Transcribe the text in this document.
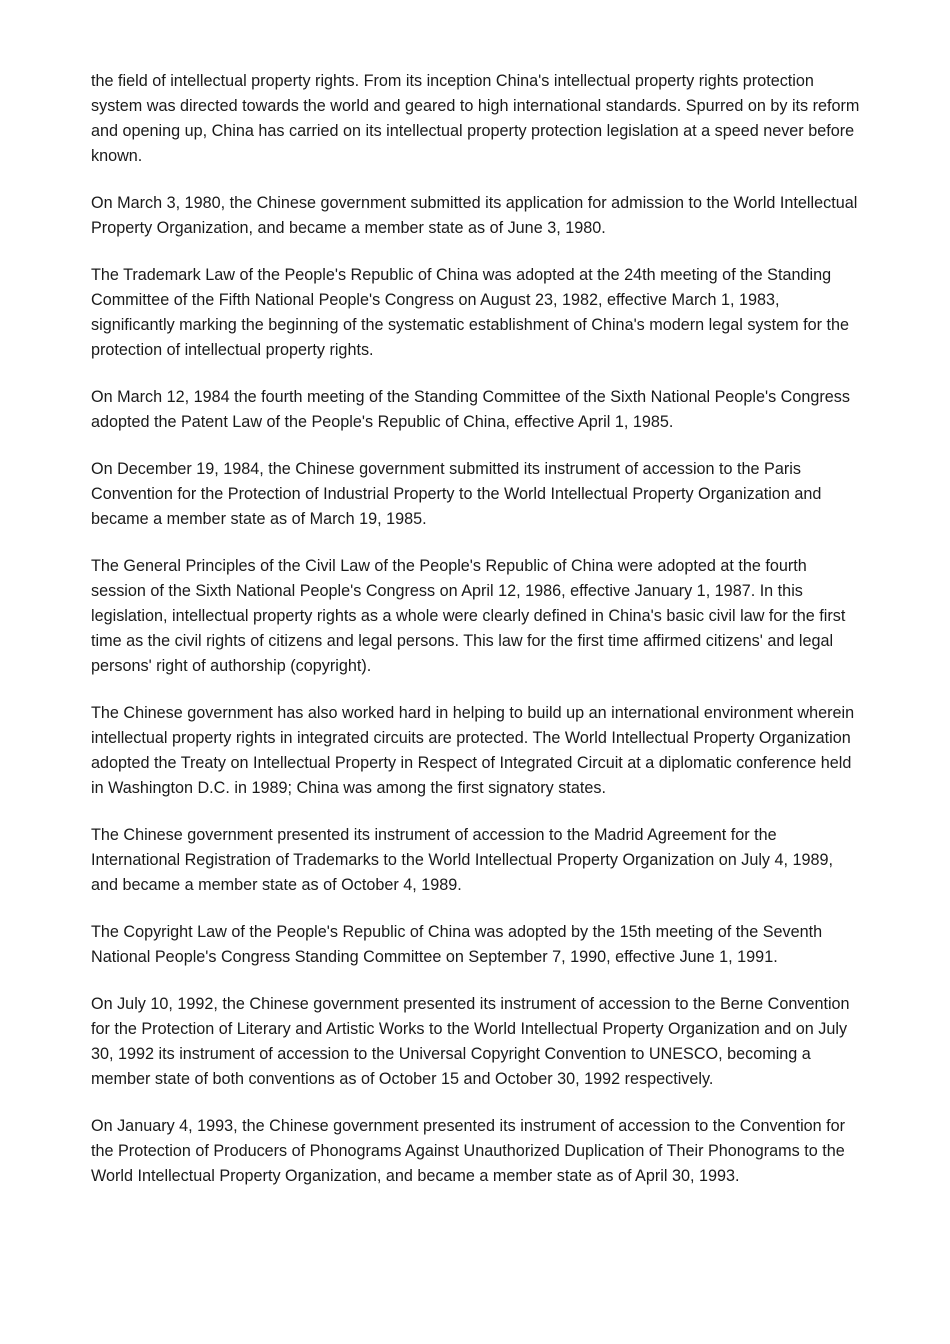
the field of intellectual property rights. From its inception China's intellectual property rights protection system was directed towards the world and geared to high international standards. Spurred on by its reform and opening up, China has carried on its intellectual property protection legislation at a speed never before known.

On March 3, 1980, the Chinese government submitted its application for admission to the World Intellectual Property Organization, and became a member state as of June 3, 1980.

The Trademark Law of the People's Republic of China was adopted at the 24th meeting of the Standing Committee of the Fifth National People's Congress on August 23, 1982, effective March 1, 1983, significantly marking the beginning of the systematic establishment of China's modern legal system for the protection of intellectual property rights.

On March 12, 1984 the fourth meeting of the Standing Committee of the Sixth National People's Congress adopted the Patent Law of the People's Republic of China, effective April 1, 1985.

On December 19, 1984, the Chinese government submitted its instrument of accession to the Paris Convention for the Protection of Industrial Property to the World Intellectual Property Organization and became a member state as of March 19, 1985.

The General Principles of the Civil Law of the People's Republic of China were adopted at the fourth session of the Sixth National People's Congress on April 12, 1986, effective January 1, 1987. In this legislation, intellectual property rights as a whole were clearly defined in China's basic civil law for the first time as the civil rights of citizens and legal persons. This law for the first time affirmed citizens' and legal persons' right of authorship (copyright).

The Chinese government has also worked hard in helping to build up an international environment wherein intellectual property rights in integrated circuits are protected. The World Intellectual Property Organization adopted the Treaty on Intellectual Property in Respect of Integrated Circuit at a diplomatic conference held in Washington D.C. in 1989; China was among the first signatory states.

The Chinese government presented its instrument of accession to the Madrid Agreement for the International Registration of Trademarks to the World Intellectual Property Organization on July 4, 1989, and became a member state as of October 4, 1989.

The Copyright Law of the People's Republic of China was adopted by the 15th meeting of the Seventh National People's Congress Standing Committee on September 7, 1990, effective June 1, 1991.

On July 10, 1992, the Chinese government presented its instrument of accession to the Berne Convention for the Protection of Literary and Artistic Works to the World Intellectual Property Organization and on July 30, 1992 its instrument of accession to the Universal Copyright Convention to UNESCO, becoming a member state of both conventions as of October 15 and October 30, 1992 respectively.

On January 4, 1993, the Chinese government presented its instrument of accession to the Convention for the Protection of Producers of Phonograms Against Unauthorized Duplication of Their Phonograms to the World Intellectual Property Organization, and became a member state as of April 30, 1993.
